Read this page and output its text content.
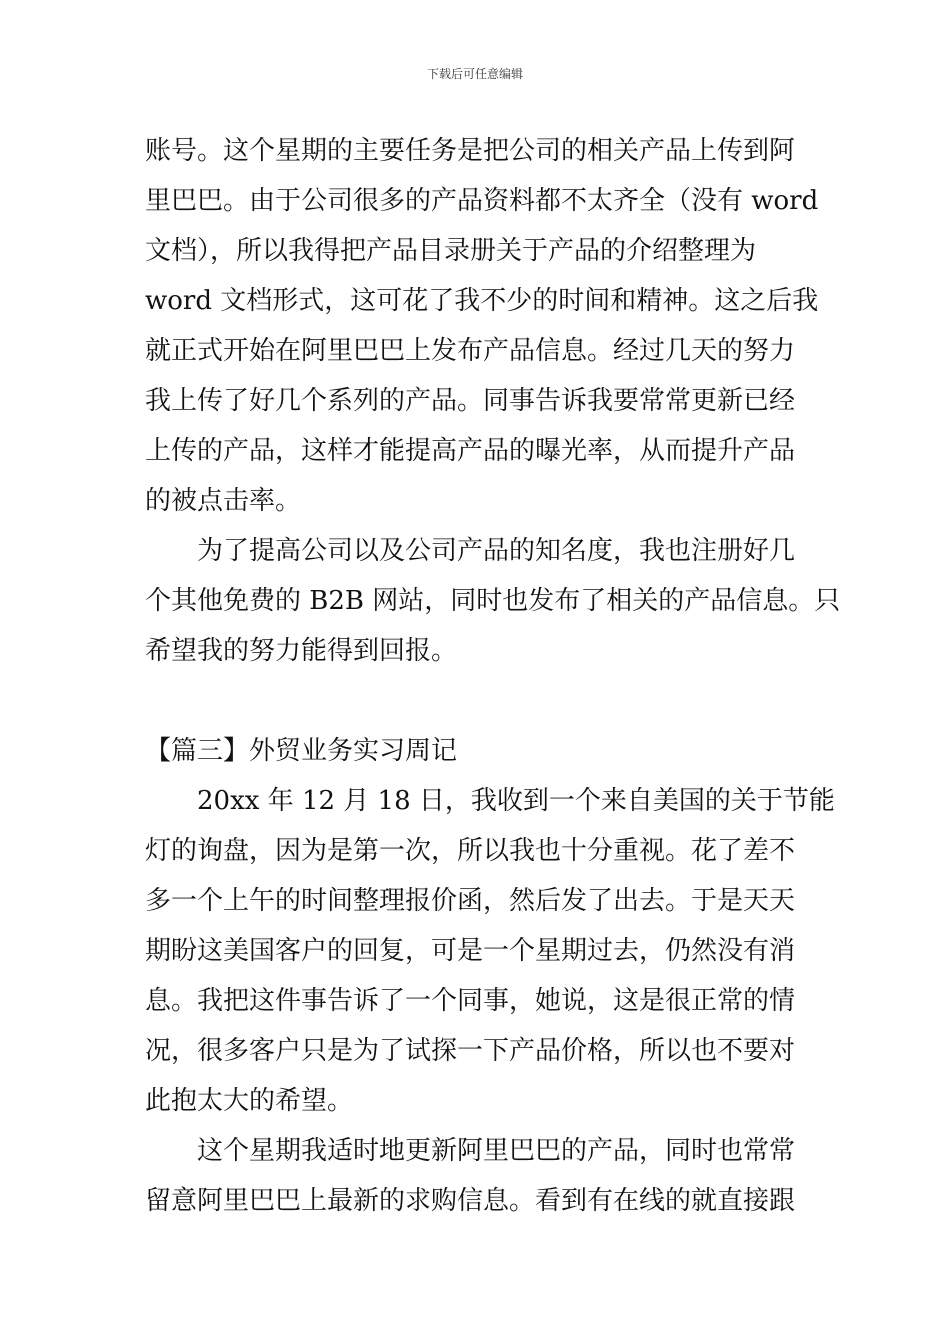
下载后可任意编辑
账号。这个星期的主要任务是把公司的相关产品上传到阿
里巴巴。由于公司很多的产品资料都不太齐全（没有 word
文档），所以我得把产品目录册关于产品的介绍整理为
word 文档形式，这可花了我不少的时间和精神。这之后我
就正式开始在阿里巴巴上发布产品信息。经过几天的努力
我上传了好几个系列的产品。同事告诉我要常常更新已经
上传的产品，这样才能提高产品的曝光率，从而提升产品
的被点击率。
为了提高公司以及公司产品的知名度，我也注册好几
个其他免费的 B2B 网站，同时也发布了相关的产品信息。只
希望我的努力能得到回报。
【篇三】外贸业务实习周记
20xx 年 12 月 18 日，我收到一个来自美国的关于节能
灯的询盘，因为是第一次，所以我也十分重视。花了差不
多一个上午的时间整理报价函，然后发了出去。于是天天
期盼这美国客户的回复，可是一个星期过去，仍然没有消
息。我把这件事告诉了一个同事，她说，这是很正常的情
况，很多客户只是为了试探一下产品价格，所以也不要对
此抱太大的希望。
这个星期我适时地更新阿里巴巴的产品，同时也常常
留意阿里巴巴上最新的求购信息。看到有在线的就直接跟
